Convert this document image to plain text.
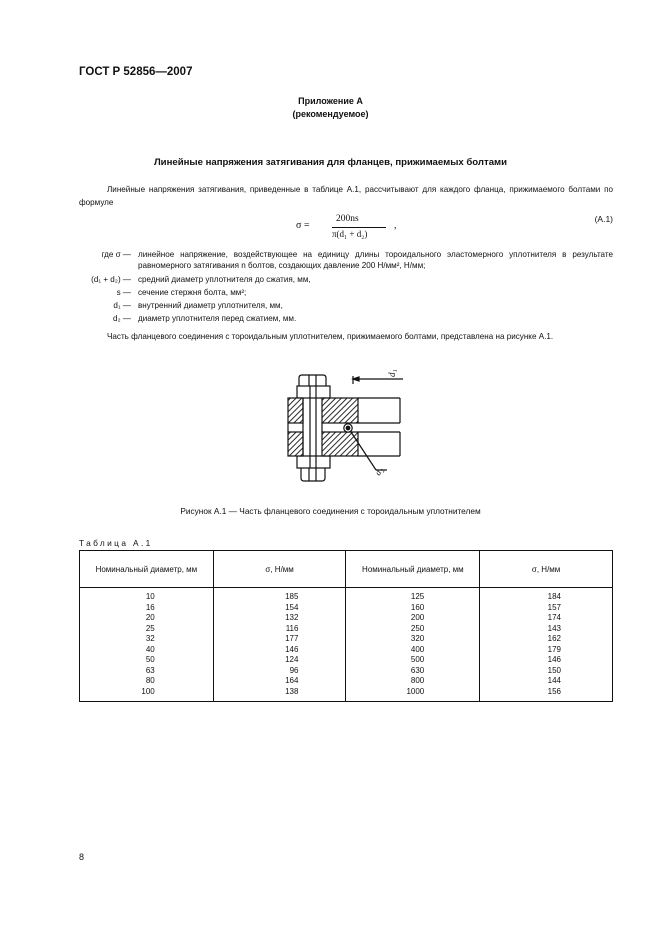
ГОСТ Р 52856—2007
Приложение А
(рекомендуемое)
Линейные напряжения затягивания для фланцев, прижимаемых болтами
Линейные напряжения затягивания, приведенные в таблице А.1, рассчитывают для каждого фланца, прижимаемого болтами по формуле
σ =
200ns
π(d₁ + d₂)
,
(А.1)
где σ — линейное напряжение, воздействующее на единицу длины тороидального эластомерного уплотнителя в результате равномерного затягивания n болтов, создающих давление 200 Н/мм², Н/мм;
(d₁ + d₂) — средний диаметр уплотнителя до сжатия, мм,
s — сечение стержня болта, мм²;
d₁ — внутренний диаметр уплотнителя, мм,
d₂ — диаметр уплотнителя перед сжатием, мм.
Часть фланцевого соединения с тороидальным уплотнителем, прижимаемого болтами, представлена на рисунке А.1.
d₁
d₂
Рисунок А.1 — Часть фланцевого соединения с тороидальным уплотнителем
Таблица А.1
Номинальный диаметр, мм	σ, Н/мм	Номинальный диаметр, мм	σ, Н/мм
10	185	125	184
16	154	160	157
20	132	200	174
25	116	250	143
32	177	320	162
40	146	400	179
50	124	500	146
63	96	630	150
80	164	800	144
100	138	1000	156
8
